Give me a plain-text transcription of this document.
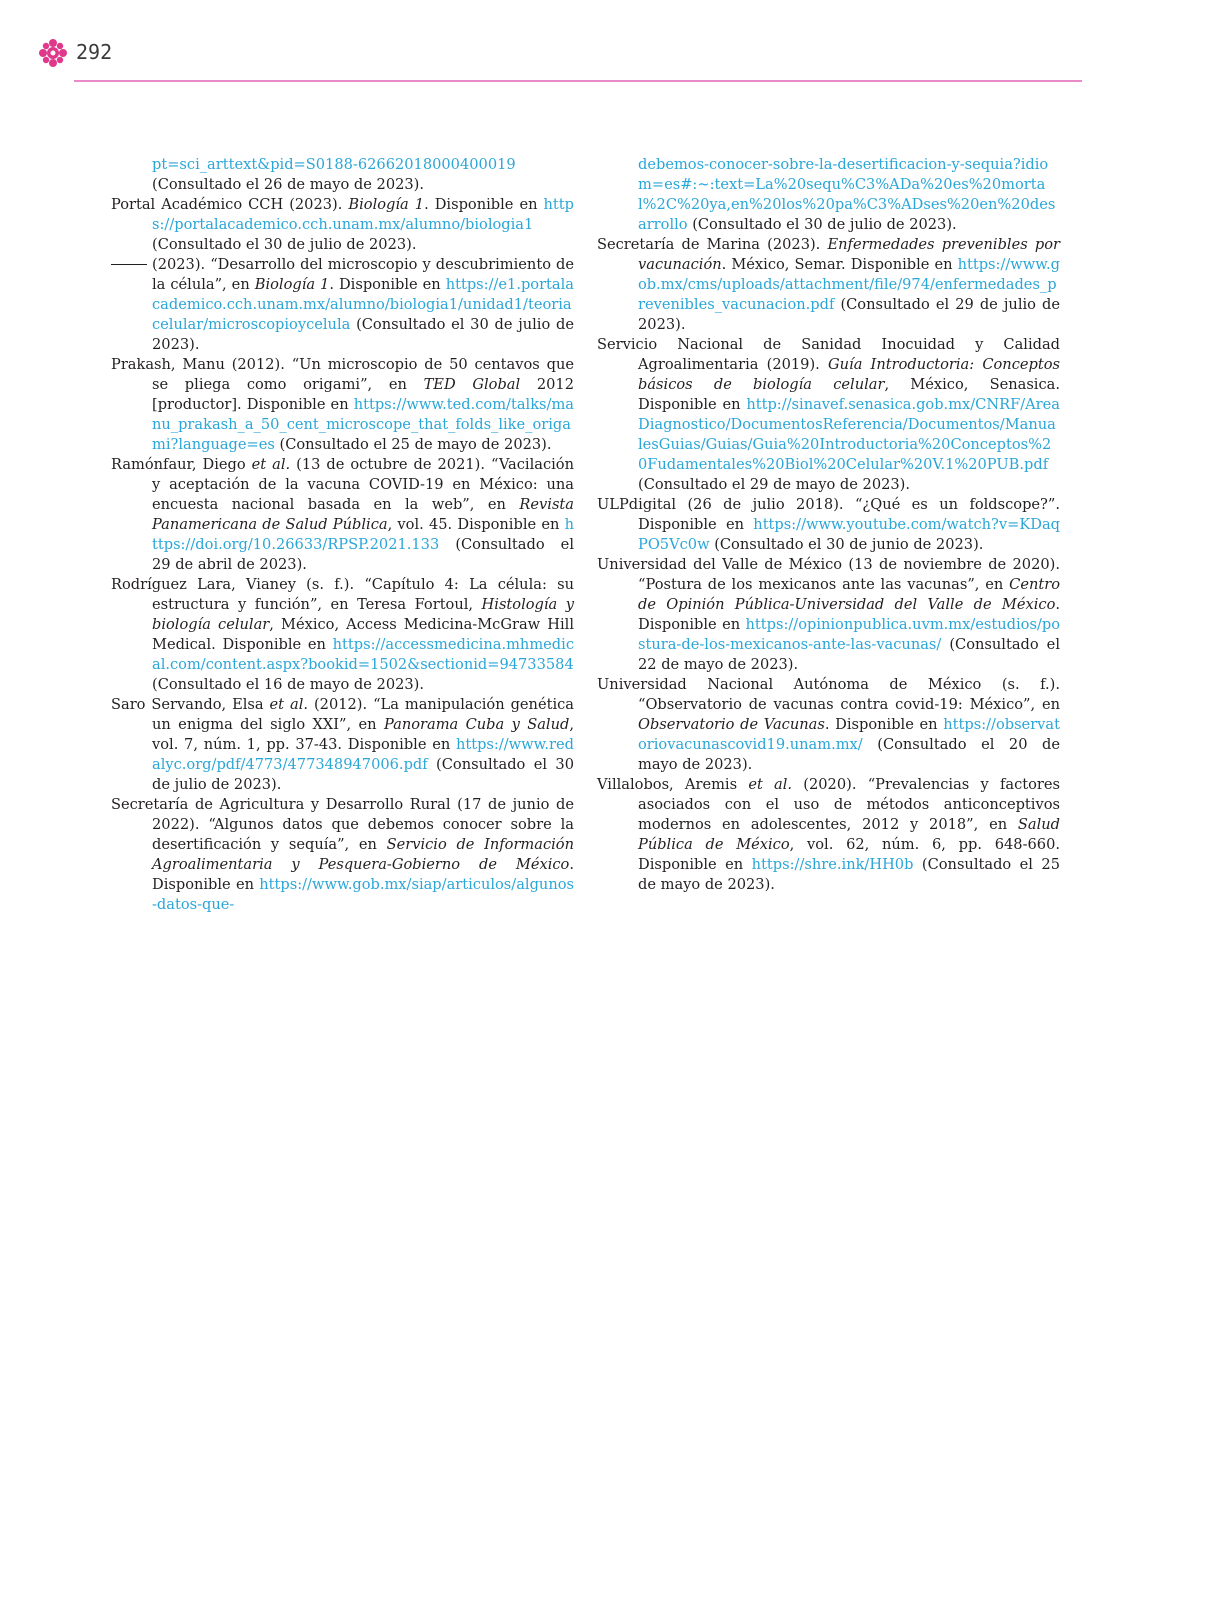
292

pt=sci_arttext&pid=S0188-62662018000400019 (Consultado el 26 de mayo de 2023).

Portal Académico CCH (2023). Biología 1. Disponible en https://portalacademico.cch.unam.mx/alumno/biologia1 (Consultado el 30 de julio de 2023).

(2023). “Desarrollo del microscopio y descubrimiento de la célula”, en Biología 1. Disponible en https://e1.portalacademico.cch.unam.mx/alumno/biologia1/unidad1/teoriacelular/microscopioycelula (Consultado el 30 de julio de 2023).

Prakash, Manu (2012). “Un microscopio de 50 centavos que se pliega como origami”, en TED Global 2012 [productor]. Disponible en https://www.ted.com/talks/manu_prakash_a_50_cent_microscope_that_folds_like_origami?language=es (Consultado el 25 de mayo de 2023).

Ramónfaur, Diego et al. (13 de octubre de 2021). “Vacilación y aceptación de la vacuna COVID-19 en México: una encuesta nacional basada en la web”, en Revista Panamericana de Salud Pública, vol. 45. Disponible en https://doi.org/10.26633/RPSP.2021.133 (Consultado el 29 de abril de 2023).

Rodríguez Lara, Vianey (s. f.). “Capítulo 4: La célula: su estructura y función”, en Teresa Fortoul, Histología y biología celular, México, Access Medicina-McGraw Hill Medical. Disponible en https://accessmedicina.mhmedical.com/content.aspx?bookid=1502&sectionid=94733584 (Consultado el 16 de mayo de 2023).

Saro Servando, Elsa et al. (2012). “La manipulación genética un enigma del siglo XXI”, en Panorama Cuba y Salud, vol. 7, núm. 1, pp. 37-43. Disponible en https://www.redalyc.org/pdf/4773/477348947006.pdf (Consultado el 30 de julio de 2023).

Secretaría de Agricultura y Desarrollo Rural (17 de junio de 2022). “Algunos datos que debemos conocer sobre la desertificación y sequía”, en Servicio de Información Agroalimentaria y Pesquera-Gobierno de México. Disponible en https://www.gob.mx/siap/articulos/algunos-datos-que-

debemos-conocer-sobre-la-desertificacion-y-sequia?idiom=es#:~:text=La%20sequ%C3%ADa%20es%20mortal%2C%20ya,en%20los%20pa%C3%ADses%20en%20desarrollo (Consultado el 30 de julio de 2023).

Secretaría de Marina (2023). Enfermedades prevenibles por vacunación. México, Semar. Disponible en https://www.gob.mx/cms/uploads/attachment/file/974/enfermedades_prevenibles_vacunacion.pdf (Consultado el 29 de julio de 2023).

Servicio Nacional de Sanidad Inocuidad y Calidad Agroalimentaria (2019). Guía Introductoria: Conceptos básicos de biología celular, México, Senasica. Disponible en http://sinavef.senasica.gob.mx/CNRF/AreaDiagnostico/DocumentosReferencia/Documentos/ManualesGuias/Guias/Guia%20Introductoria%20Conceptos%20Fudamentales%20Biol%20Celular%20V.1%20PUB.pdf (Consultado el 29 de mayo de 2023).

ULPdigital (26 de julio 2018). “¿Qué es un foldscope?”. Disponible en https://www.youtube.com/watch?v=KDaqPO5Vc0w (Consultado el 30 de junio de 2023).

Universidad del Valle de México (13 de noviembre de 2020). “Postura de los mexicanos ante las vacunas”, en Centro de Opinión Pública-Universidad del Valle de México. Disponible en https://opinionpublica.uvm.mx/estudios/postura-de-los-mexicanos-ante-las-vacunas/ (Consultado el 22 de mayo de 2023).

Universidad Nacional Autónoma de México (s. f.). “Observatorio de vacunas contra covid-19: México”, en Observatorio de Vacunas. Disponible en https://observatoriovacunascovid19.unam.mx/ (Consultado el 20 de mayo de 2023).

Villalobos, Aremis et al. (2020). “Prevalencias y factores asociados con el uso de métodos anticonceptivos modernos en adolescentes, 2012 y 2018”, en Salud Pública de México, vol. 62, núm. 6, pp. 648-660. Disponible en https://shre.ink/HH0b (Consultado el 25 de mayo de 2023).
